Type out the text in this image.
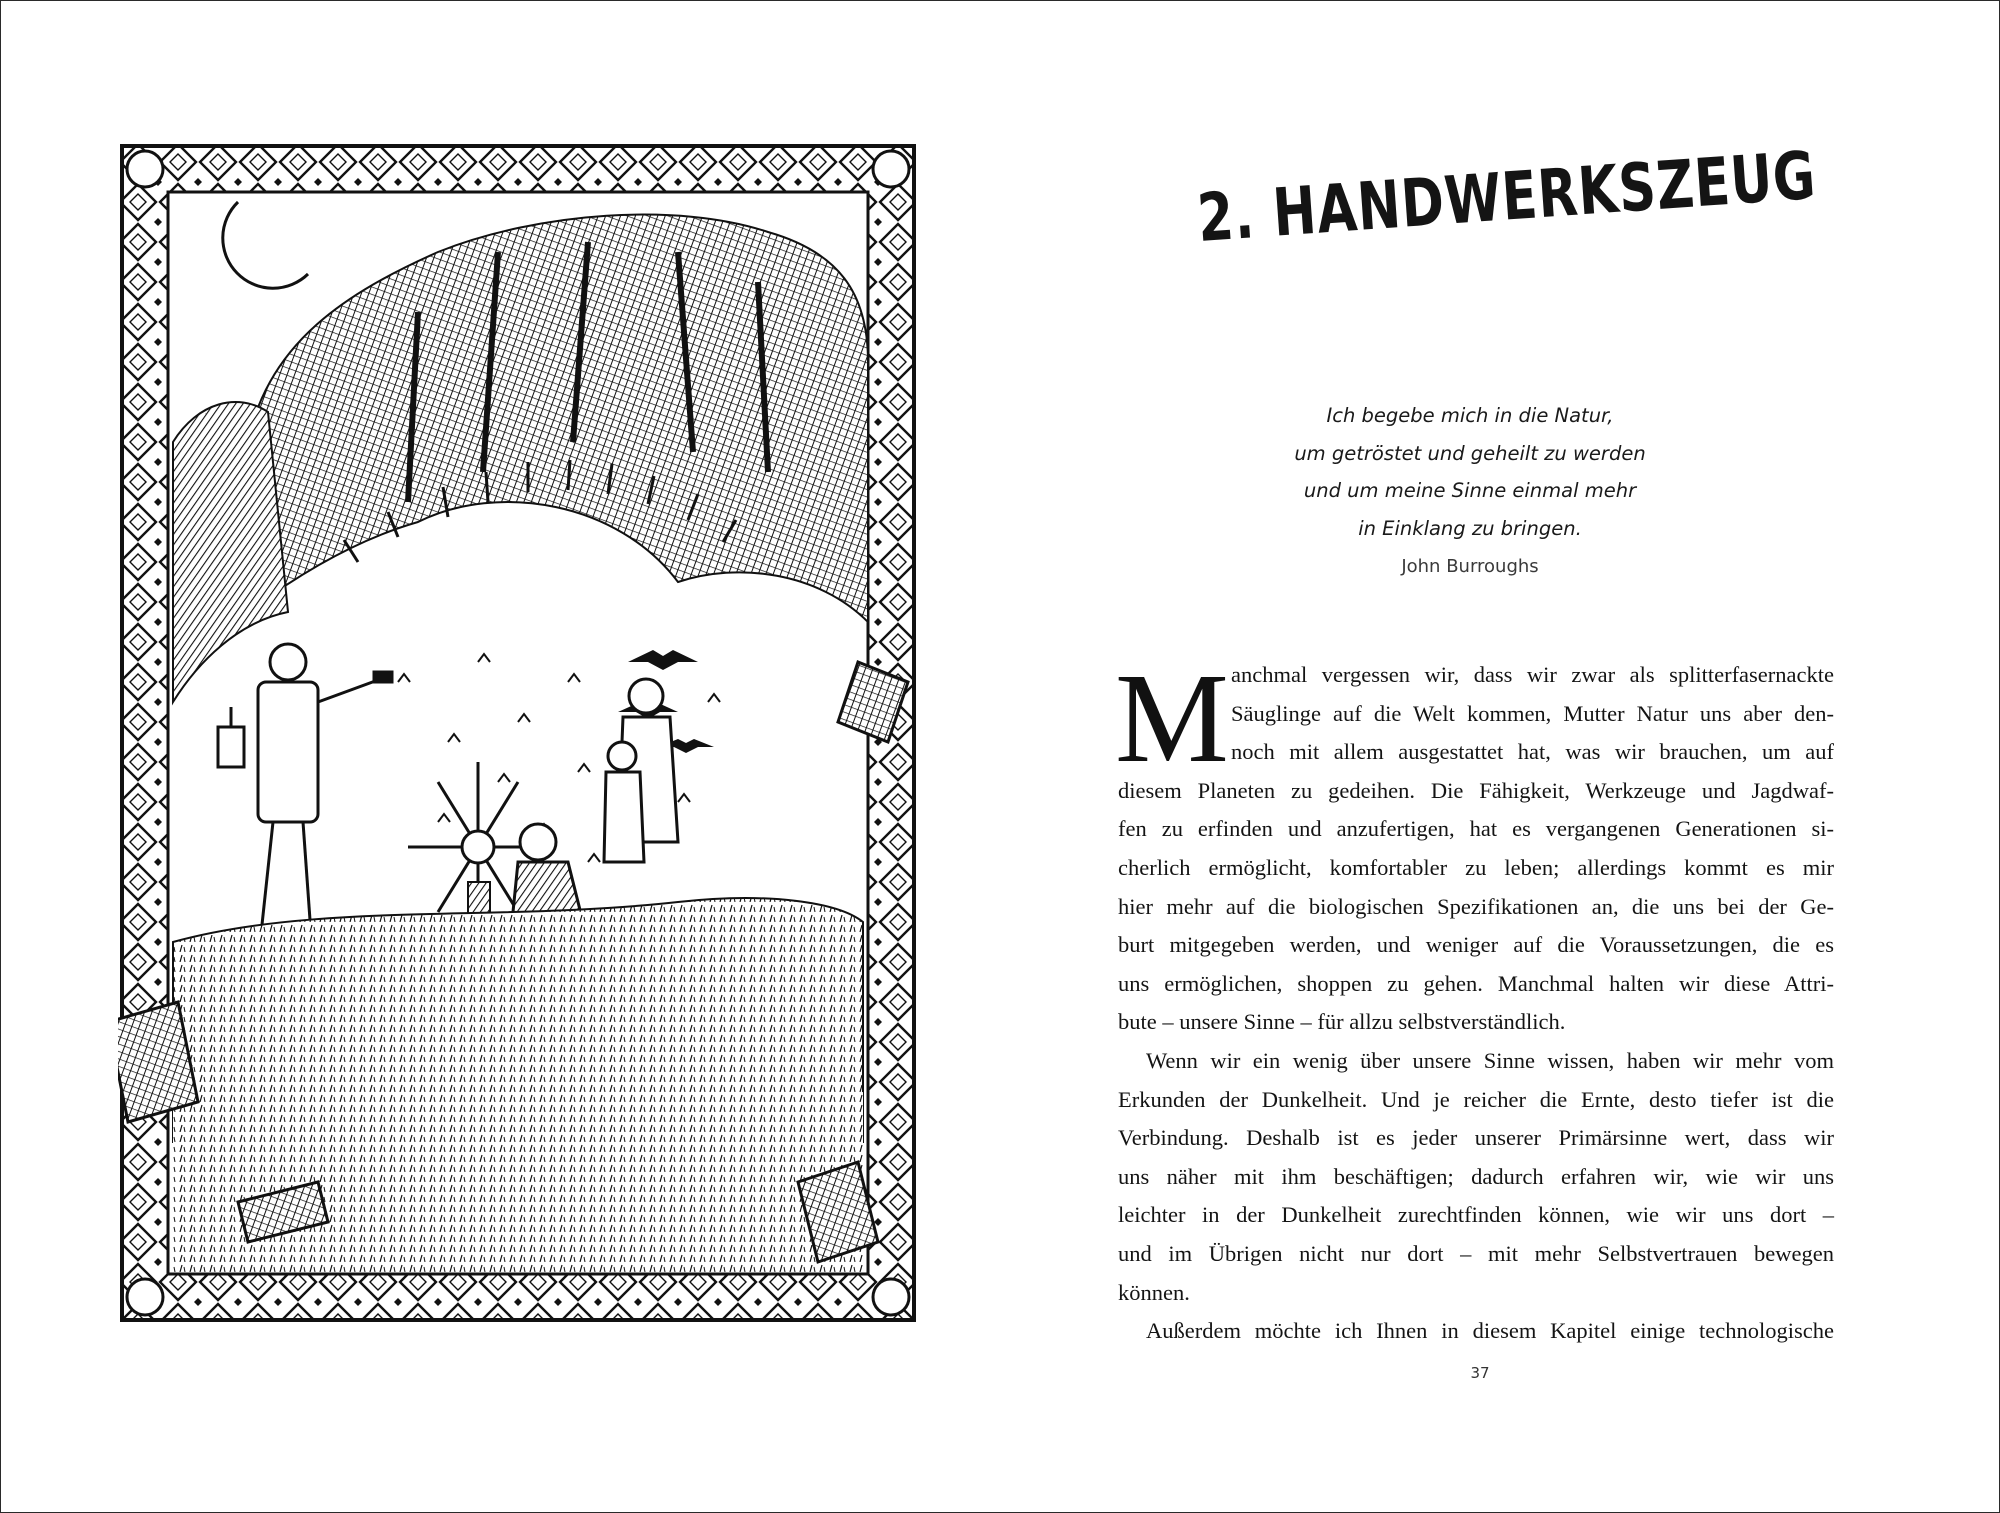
2. HANDWERKSZEUG
Ich begebe mich in die Natur,
um getröstet und geheilt zu werden
und um meine Sinne einmal mehr
in Einklang zu bringen.
John Burroughs
M anchmal vergessen wir, dass wir zwar als splitterfasernackte
Säuglinge auf die Welt kommen, Mutter Natur uns aber den-
noch mit allem ausgestattet hat, was wir brauchen, um auf
diesem Planeten zu gedeihen. Die Fähigkeit, Werkzeuge und Jagdwaf-
fen zu erfinden und anzufertigen, hat es vergangenen Generationen si-
cherlich ermöglicht, komfortabler zu leben; allerdings kommt es mir
hier mehr auf die biologischen Spezifikationen an, die uns bei der Ge-
burt mitgegeben werden, und weniger auf die Voraussetzungen, die es
uns ermöglichen, shoppen zu gehen. Manchmal halten wir diese Attri-
bute – unsere Sinne – für allzu selbstverständlich.
Wenn wir ein wenig über unsere Sinne wissen, haben wir mehr vom
Erkunden der Dunkelheit. Und je reicher die Ernte, desto tiefer ist die
Verbindung. Deshalb ist es jeder unserer Primärsinne wert, dass wir
uns näher mit ihm beschäftigen; dadurch erfahren wir, wie wir uns
leichter in der Dunkelheit zurechtfinden können, wie wir uns dort –
und im Übrigen nicht nur dort – mit mehr Selbstvertrauen bewegen
können.
Außerdem möchte ich Ihnen in diesem Kapitel einige technologische
37
